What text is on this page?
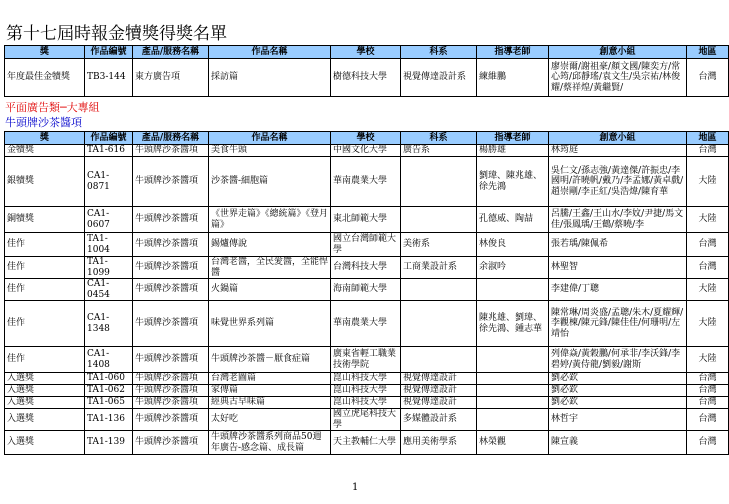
第十七屆時報金犢獎得獎名單
獎	作品編號	產品/服務名稱	作品名稱	學校	科系	指導老師	創意小組	地區
年度最佳金犢獎	TB3-144	東方廣告項	採訪篇	樹德科技大學	視覺傳達設計系	練維鵬	廖崇爾/謝祖豪/顏文國/陳奕方/常心筠/邱靜瑤/袁文生/吳宗祐/林俊耀/蔡祥煌/黃繼賢/	台灣
平面廣告類─大專組
牛頭牌沙茶醬項
獎	作品編號	產品/服務名稱	作品名稱	學校	科系	指導老師	創意小組	地區
金犢獎	TA1-616	牛頭牌沙茶醬項	美食牛頭	中國文化大學	廣告系	楊勝雄	林筠庭	台灣
銀犢獎	CA1-0871	牛頭牌沙茶醬項	沙茶醬-細胞篇	華南農業大學		劉瑋、陳兆雄、徐先鴻	吳仁文/孫志強/黃達傑/許振忠/李國明/許曉帆/戴乃/李孟娜/黃卓戲/趙崇剛/李正紅/吳浩煒/陳育華	大陸
銅犢獎	CA1-0607	牛頭牌沙茶醬項	《世界走篇》《總統篇》《登月篇》	東北師範大學		孔德威、陶喆	呂騰/王鑫/王山水/李妏/尹捷/馬文佳/張鳳瑀/王鶴/蔡曉/李	大陸
佳作	TA1-1004	牛頭牌沙茶醬項	錫爐傳說	國立台灣師範大學	美術系	林俊良	張若瑀/陳佩希	台灣
佳作	TA1-1099	牛頭牌沙茶醬項	台灣老醬，全民愛醬，全能悍醬	台灣科技大學	工商業設計系	余淑吟	林聖智	台灣
佳作	CA1-0454	牛頭牌沙茶醬項	火鍋篇	海南師範大學			李建偉/丁聰	大陸
佳作	CA1-1348	牛頭牌沙茶醬項	味覺世界系列篇	華南農業大學		陳兆雄、劉瑋、徐先鴻、鍾志華	陳常琳/周炎盛/孟聰/朱木/夏耀輝/李觀楝/陳元鋒/陳佳佳/何珊明/左靖怡	大陸
佳作	CA1-1408	牛頭牌沙茶醬項	牛頭牌沙茶醬－厭食症篇	廣東省輕工職業技術學院			列偉焱/黃穀鵬/何承非/李沃鋒/李碧婷/黃侍龍/劉毅/謝斯	大陸
入選獎	TA1-060	牛頭牌沙茶醬項	台灣老圖篇	崑山科技大學	視覺傳達設計		劉必欽	台灣
入選獎	TA1-062	牛頭牌沙茶醬項	家傳篇	崑山科技大學	視覺傳達設計		劉必欽	台灣
入選獎	TA1-065	牛頭牌沙茶醬項	經典古早味篇	崑山科技大學	視覺傳達設計		劉必欽	台灣
入選獎	TA1-136	牛頭牌沙茶醬項	太好吃	國立虎尾科技大學	多媒體設計系		林哲宇	台灣
入選獎	TA1-139	牛頭牌沙茶醬項	牛頭牌沙茶醬系列商品50週年廣告-感念篇、成長篇	天主教輔仁大學	應用美術學系	林榮觀	陳宣義	台灣
1
